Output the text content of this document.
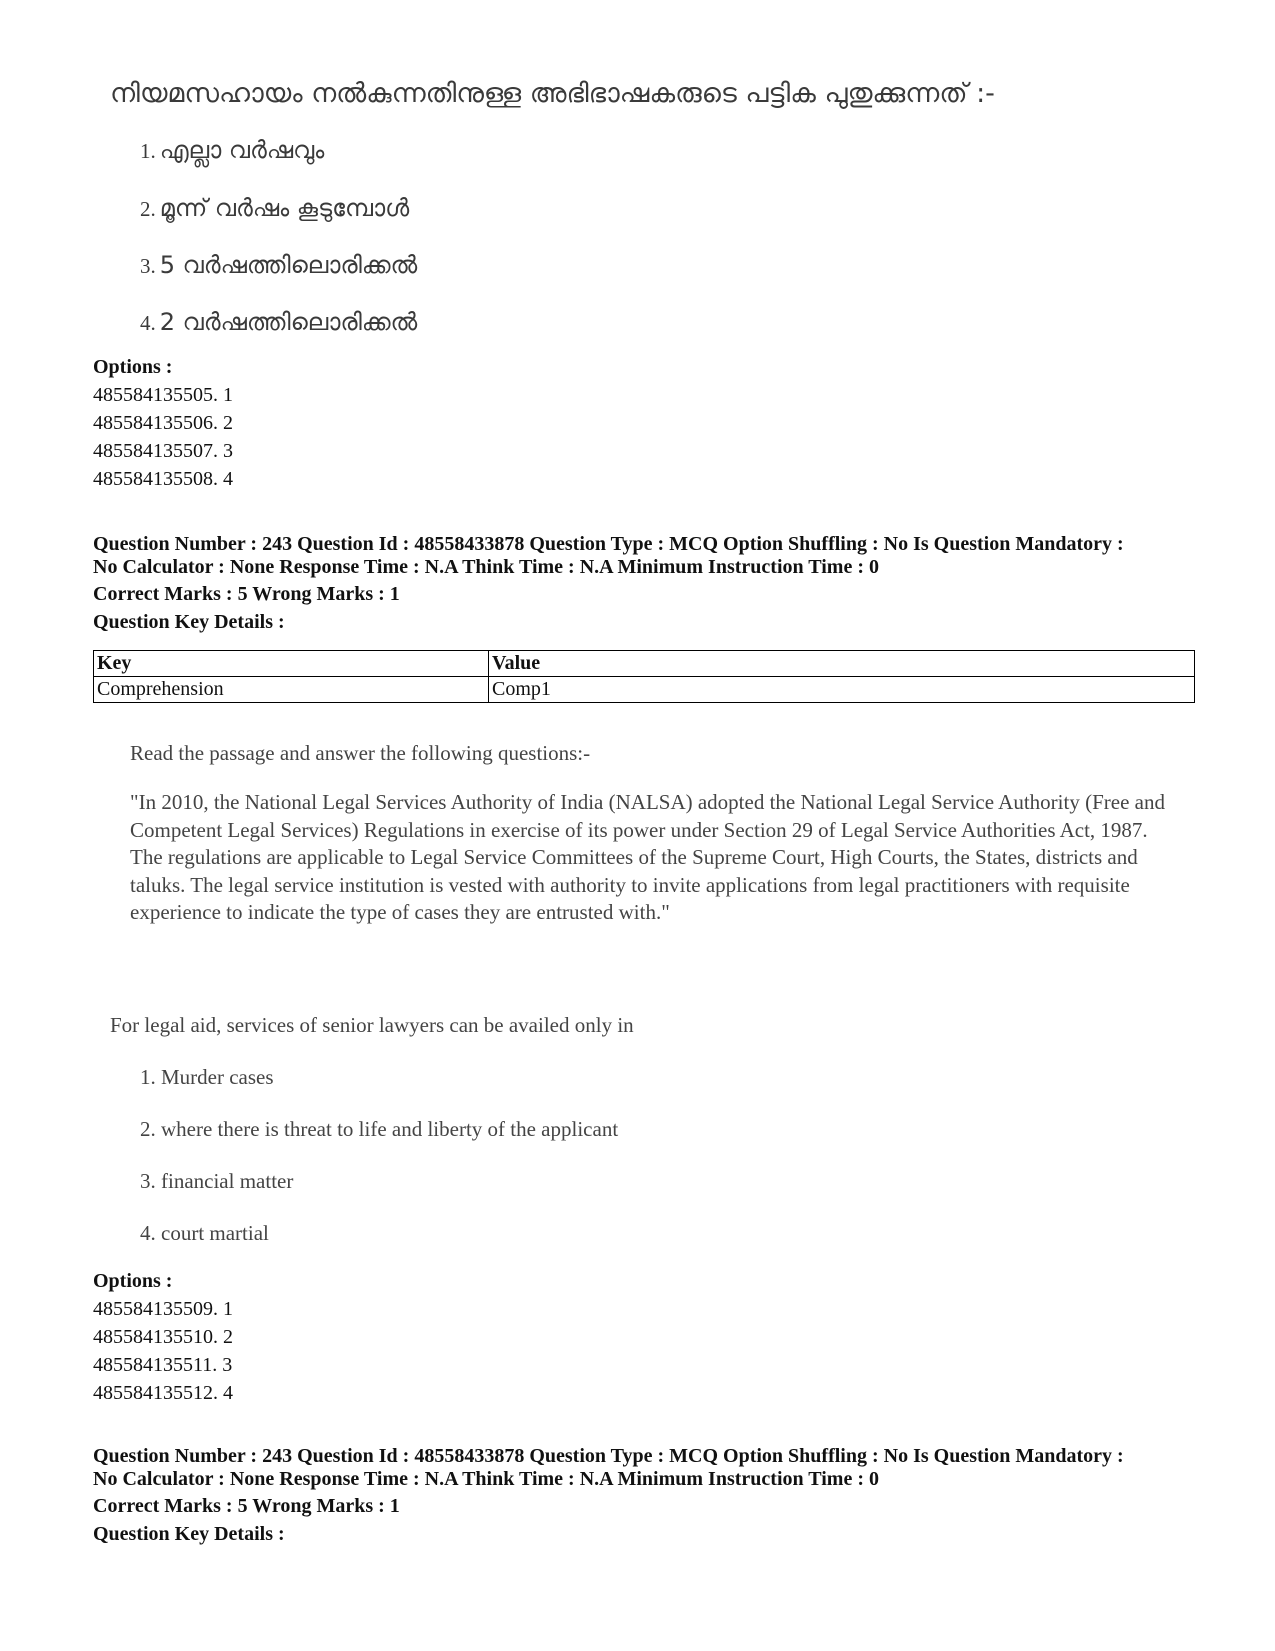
നിയമസഹായം നൽകുന്നതിനുള്ള അഭിഭാഷകരുടെ പട്ടിക പുതുക്കുന്നത് :-
1. എല്ലാ വർഷവും
2. മൂന്ന് വർഷം കൂടുമ്പോൾ
3. 5 വർഷത്തിലൊരിക്കൽ
4. 2 വർഷത്തിലൊരിക്കൽ
Options :
485584135505. 1
485584135506. 2
485584135507. 3
485584135508. 4
Question Number : 243 Question Id : 48558433878 Question Type : MCQ Option Shuffling : No Is Question Mandatory :
No Calculator : None Response Time : N.A Think Time : N.A Minimum Instruction Time : 0
Correct Marks : 5 Wrong Marks : 1
Question Key Details :
Key	Value
Comprehension	Comp1
Read the passage and answer the following questions:-
"In 2010, the National Legal Services Authority of India (NALSA) adopted the National Legal Service Authority (Free and Competent Legal Services) Regulations in exercise of its power under Section 29 of Legal Service Authorities Act, 1987. The regulations are applicable to Legal Service Committees of the Supreme Court, High Courts, the States, districts and taluks. The legal service institution is vested with authority to invite applications from legal practitioners with requisite experience to indicate the type of cases they are entrusted with."
For legal aid, services of senior lawyers can be availed only in
1. Murder cases
2. where there is threat to life and liberty of the applicant
3. financial matter
4. court martial
Options :
485584135509. 1
485584135510. 2
485584135511. 3
485584135512. 4
Question Number : 243 Question Id : 48558433878 Question Type : MCQ Option Shuffling : No Is Question Mandatory :
No Calculator : None Response Time : N.A Think Time : N.A Minimum Instruction Time : 0
Correct Marks : 5 Wrong Marks : 1
Question Key Details :
